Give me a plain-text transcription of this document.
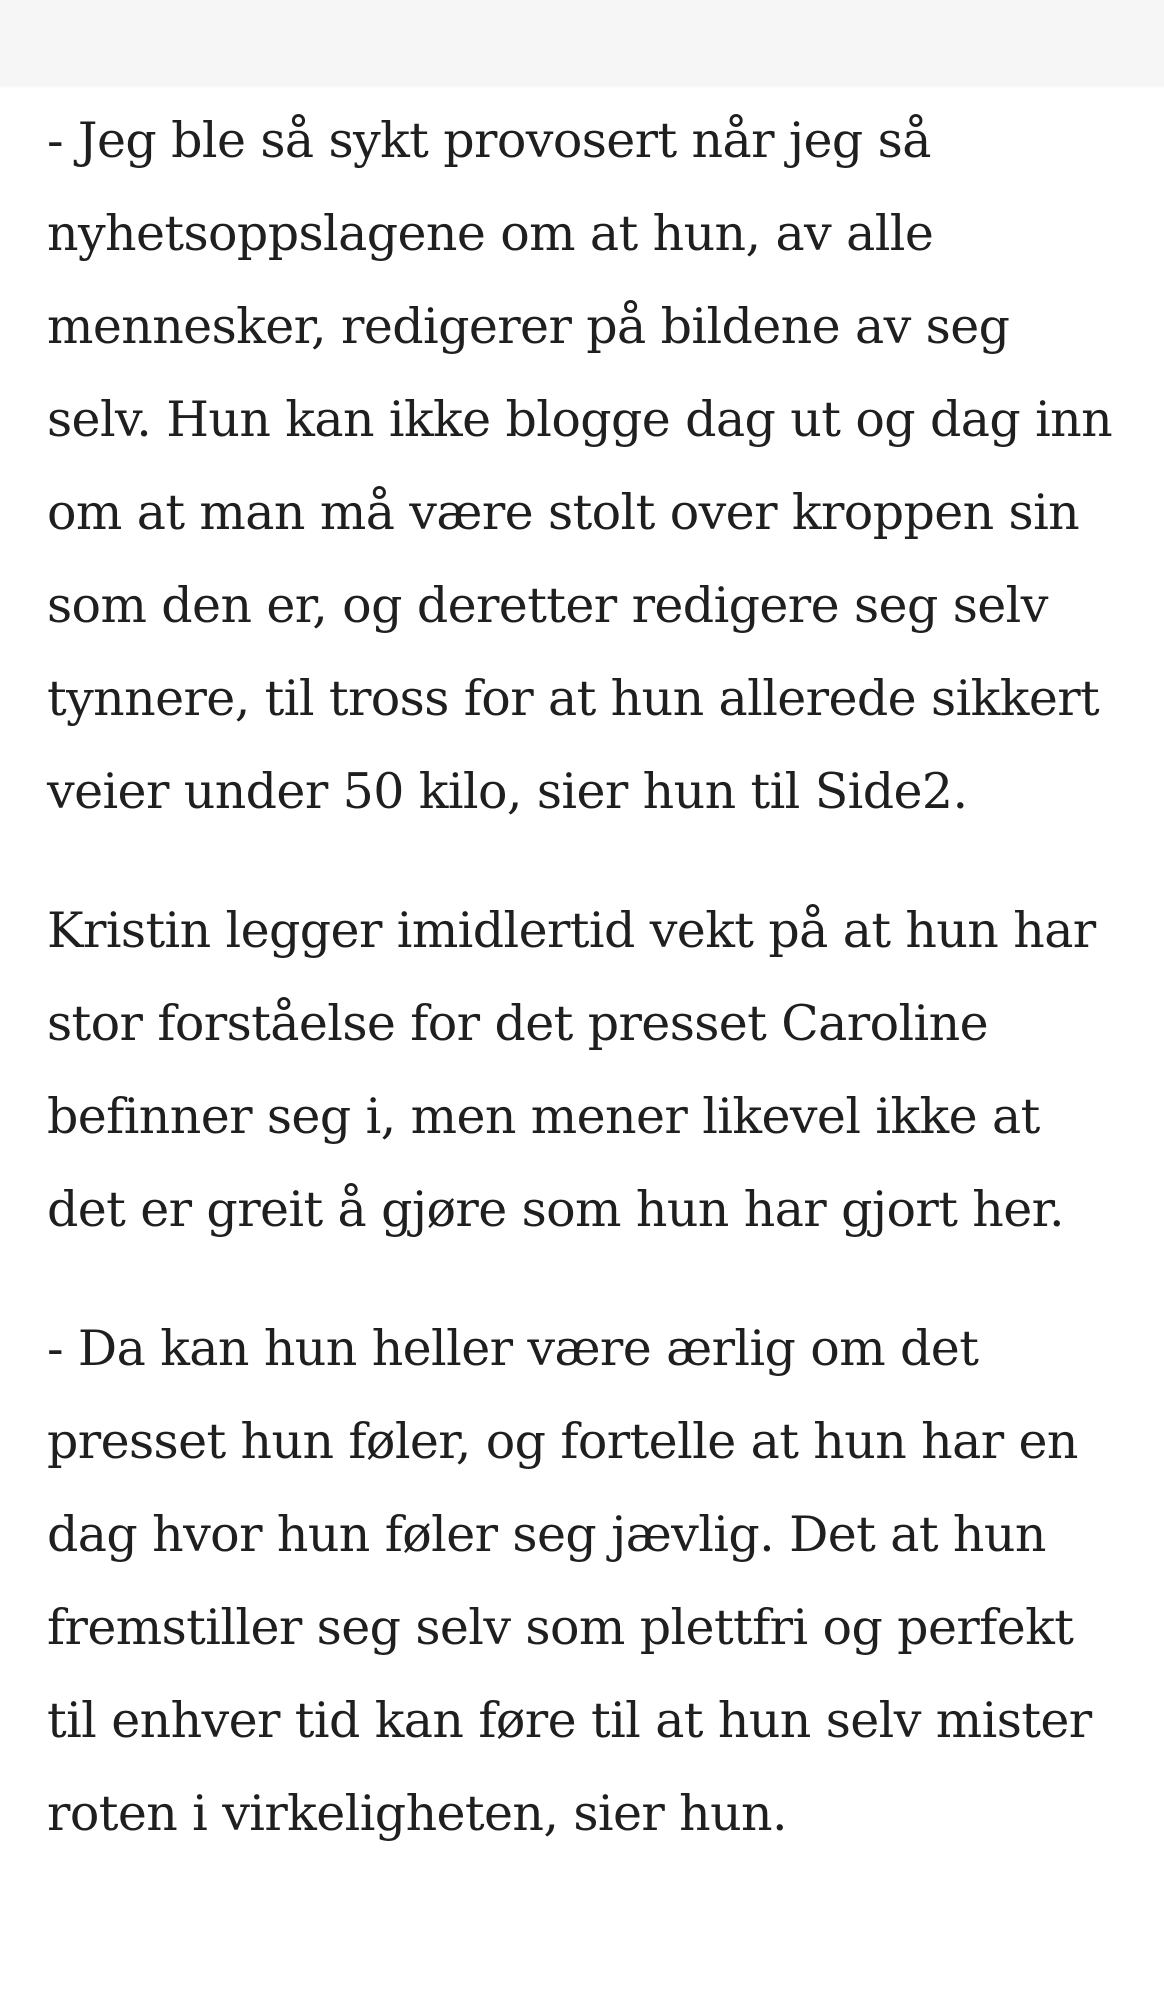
- Jeg ble så sykt provosert når jeg så nyhetsoppslagene om at hun, av alle mennesker, redigerer på bildene av seg selv. Hun kan ikke blogge dag ut og dag inn om at man må være stolt over kroppen sin som den er, og deretter redigere seg selv tynnere, til tross for at hun allerede sikkert veier under 50 kilo, sier hun til Side2.

Kristin legger imidlertid vekt på at hun har stor forståelse for det presset Caroline befinner seg i, men mener likevel ikke at det er greit å gjøre som hun har gjort her.

- Da kan hun heller være ærlig om det presset hun føler, og fortelle at hun har en dag hvor hun føler seg jævlig. Det at hun fremstiller seg selv som plettfri og perfekt til enhver tid kan føre til at hun selv mister roten i virkeligheten, sier hun.
